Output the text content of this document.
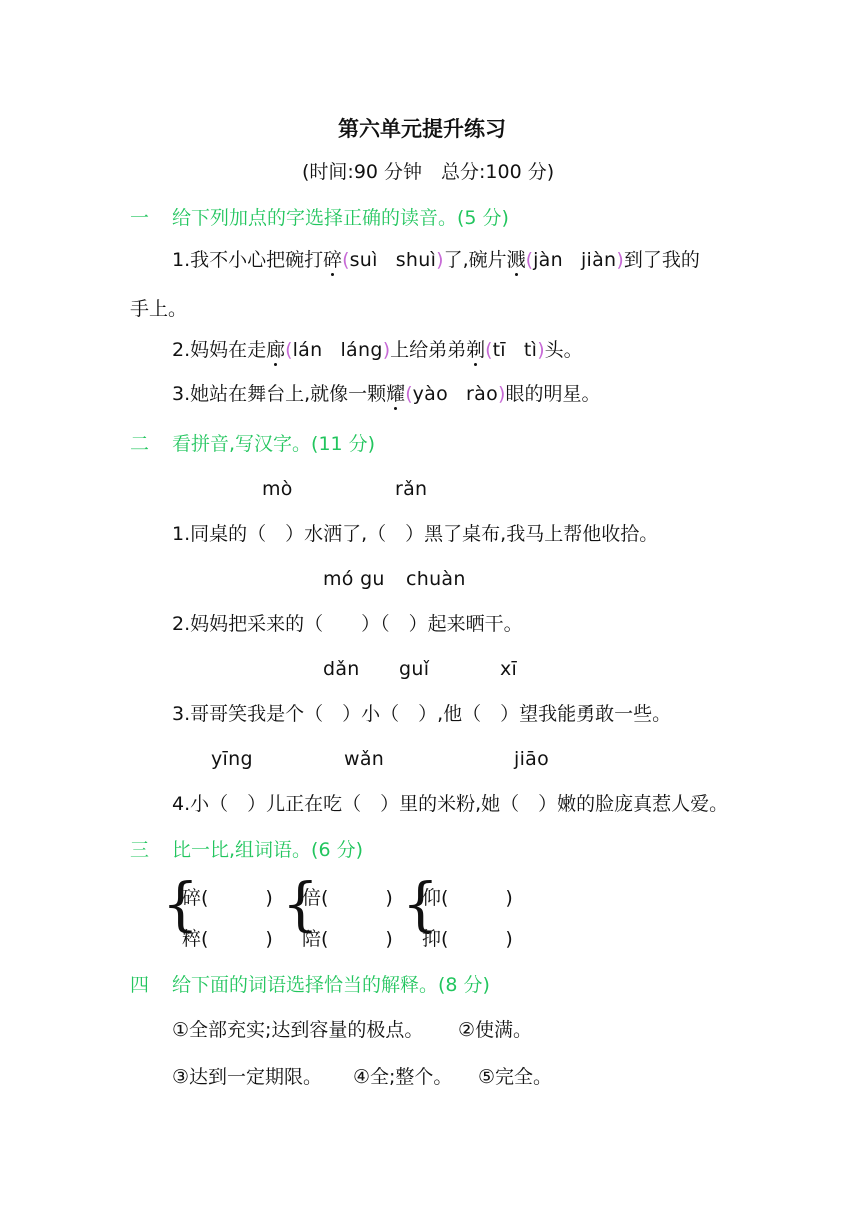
第六单元提升练习
(时间:90 分钟　总分:100 分)
一 给下列加点的字选择正确的读音。(5 分)
1.我不小心把碗打碎(suì shuì)了,碗片溅(jàn jiàn)到了我的
手上。
2.妈妈在走廊(lán láng)上给弟弟剃(tī tì)头。
3.她站在舞台上,就像一颗耀(yào rào)眼的明星。
二 看拼音,写汉字。(11 分)
mò	rǎn
1.同桌的（　）水洒了,（　）黑了桌布,我马上帮他收拾。
mó gu chuàn
2.妈妈把采来的（　　）（　）起来晒干。
dǎn guǐ	xī
3.哥哥笑我是个（　）小（　）,他（　）望我能勇敢一些。
yīng	wǎn	jiāo
4.小（　）儿正在吃（　）里的米粉,她（　）嫩的脸庞真惹人爱。
三 比一比,组词语。(6 分)
{
碎(　　　)
粹(　　　)
{
倍(　　　)
陪(　　　)
{
仰(　　　)
抑(　　　)
四 给下面的词语选择恰当的解释。(8 分)
①全部充实;达到容量的极点。 ②使满。
③达到一定期限。 ④全;整个。 ⑤完全。
